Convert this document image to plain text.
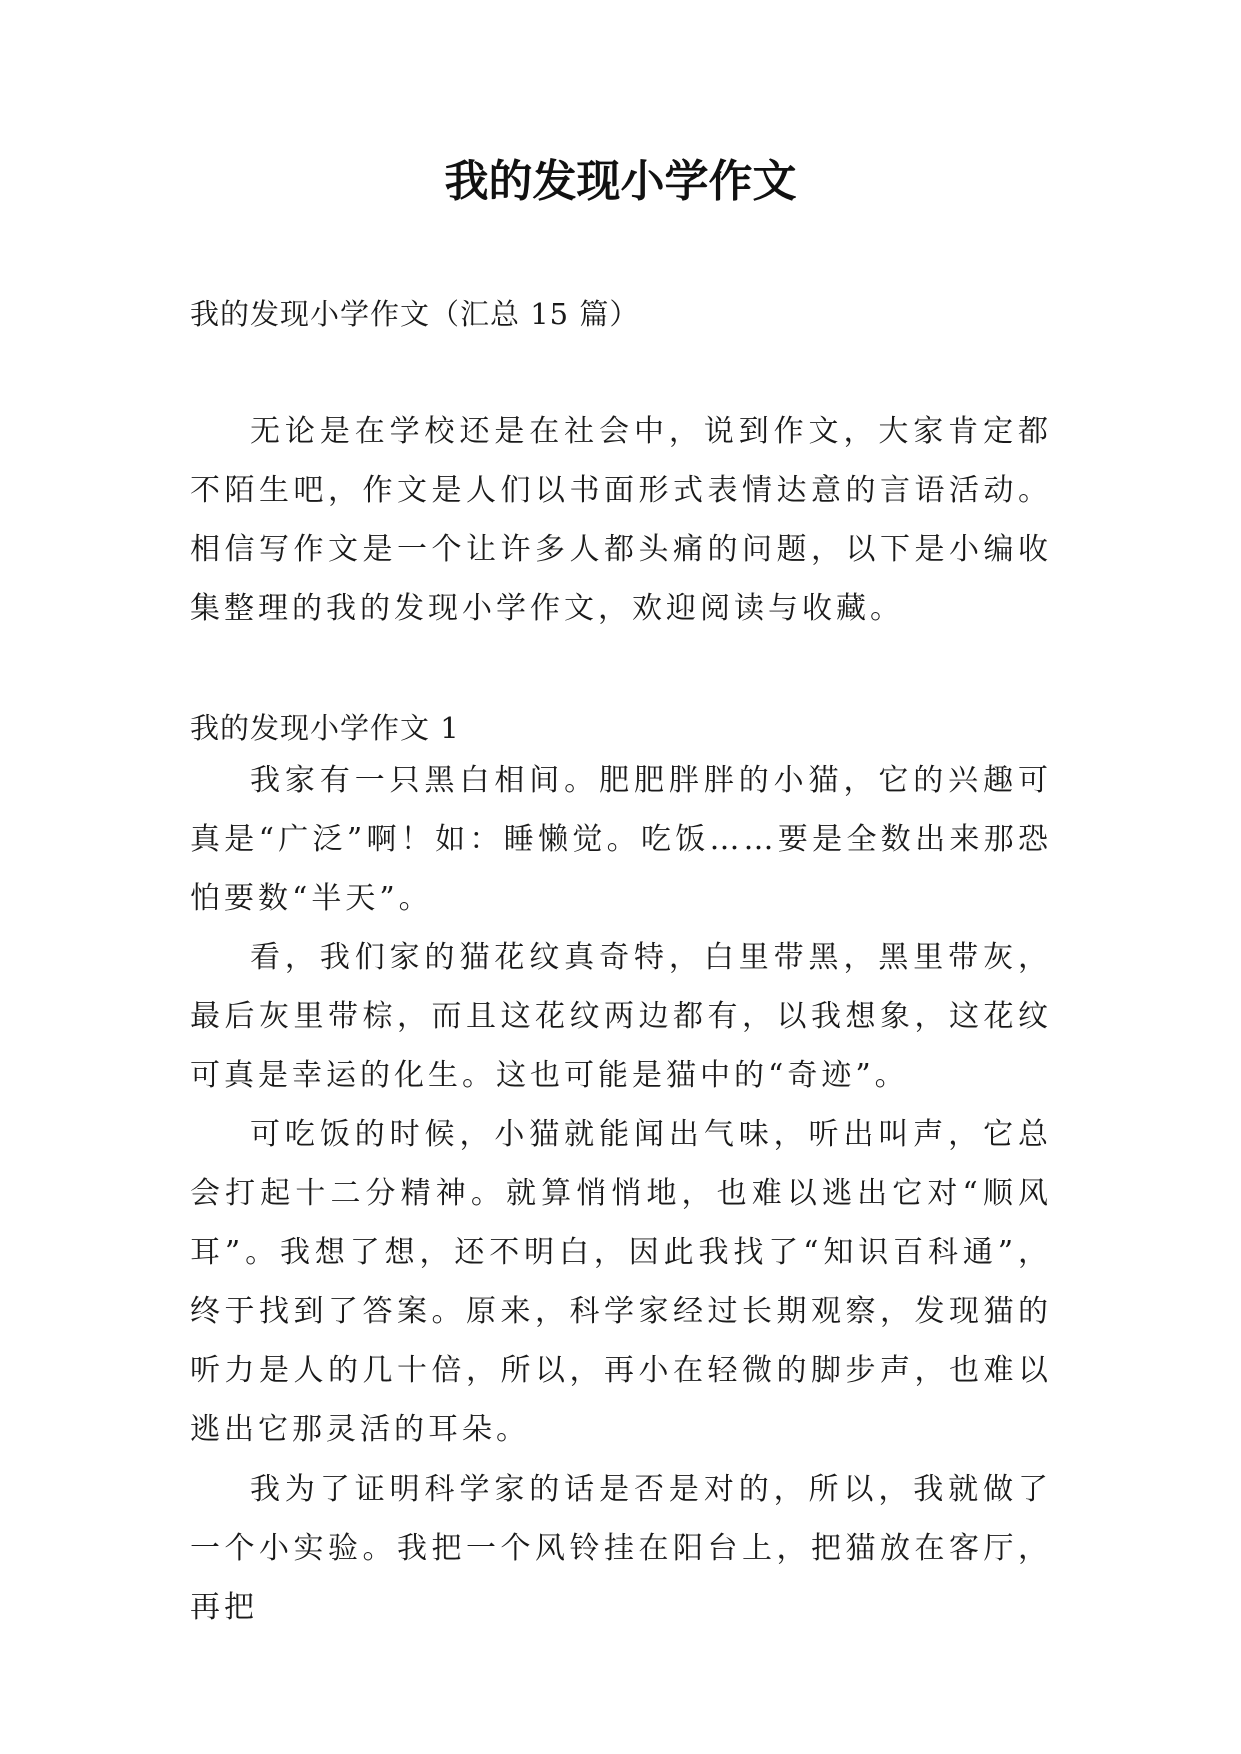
我的发现小学作文
我的发现小学作文（汇总 15 篇）
无论是在学校还是在社会中，说到作文，大家肯定都不陌生吧，作文是人们以书面形式表情达意的言语活动。相信写作文是一个让许多人都头痛的问题，以下是小编收集整理的我的发现小学作文，欢迎阅读与收藏。
我的发现小学作文 1
我家有一只黑白相间。肥肥胖胖的小猫，它的兴趣可真是“广泛”啊！如：睡懒觉。吃饭……要是全数出来那恐怕要数“半天”。
看，我们家的猫花纹真奇特，白里带黑，黑里带灰，最后灰里带棕，而且这花纹两边都有，以我想象，这花纹可真是幸运的化生。这也可能是猫中的“奇迹”。
可吃饭的时候，小猫就能闻出气味，听出叫声，它总会打起十二分精神。就算悄悄地，也难以逃出它对“顺风耳”。我想了想，还不明白，因此我找了“知识百科通”，终于找到了答案。原来，科学家经过长期观察，发现猫的听力是人的几十倍，所以，再小在轻微的脚步声，也难以逃出它那灵活的耳朵。
我为了证明科学家的话是否是对的，所以，我就做了一个小实验。我把一个风铃挂在阳台上，把猫放在客厅，再把
